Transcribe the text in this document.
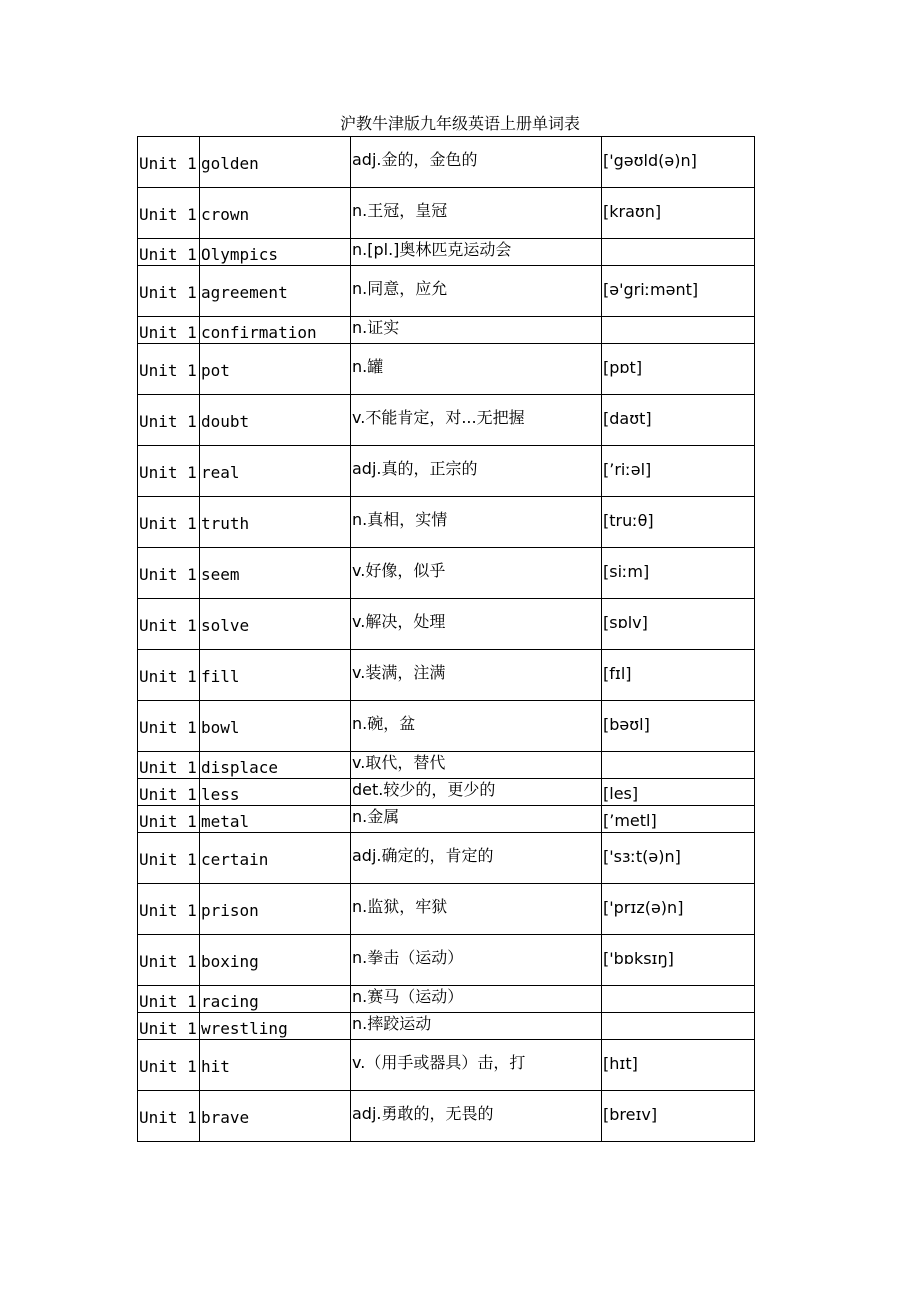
沪教牛津版九年级英语上册单词表
Unit 1	golden	adj.金的，金色的	['gəʊld(ə)n]
Unit 1	crown	n.王冠，皇冠	[kraʊn]
Unit 1	Olympics	n.[pl.]奥林匹克运动会	
Unit 1	agreement	n.同意，应允	[ə'griːmənt]
Unit 1	confirmation	n.证实	
Unit 1	pot	n.罐	[pɒt]
Unit 1	doubt	v.不能肯定，对...无把握	[daʊt]
Unit 1	real	adj.真的，正宗的	[’riːəl]
Unit 1	truth	n.真相，实情	[truːθ]
Unit 1	seem	v.好像，似乎	[siːm]
Unit 1	solve	v.解决，处理	[sɒlv]
Unit 1	fill	v.装满，注满	[fɪl]
Unit 1	bowl	n.碗，盆	[bəʊl]
Unit 1	displace	v.取代，替代	
Unit 1	less	det.较少的，更少的	[les]
Unit 1	metal	n.金属	[’metl]
Unit 1	certain	adj.确定的，肯定的	['sɜːt(ə)n]
Unit 1	prison	n.监狱，牢狱	['prɪz(ə)n]
Unit 1	boxing	n.拳击（运动）	['bɒksɪŋ]
Unit 1	racing	n.赛马（运动）	
Unit 1	wrestling	n.摔跤运动	
Unit 1	hit	v.（用手或器具）击，打	[hɪt]
Unit 1	brave	adj.勇敢的，无畏的	[breɪv]
